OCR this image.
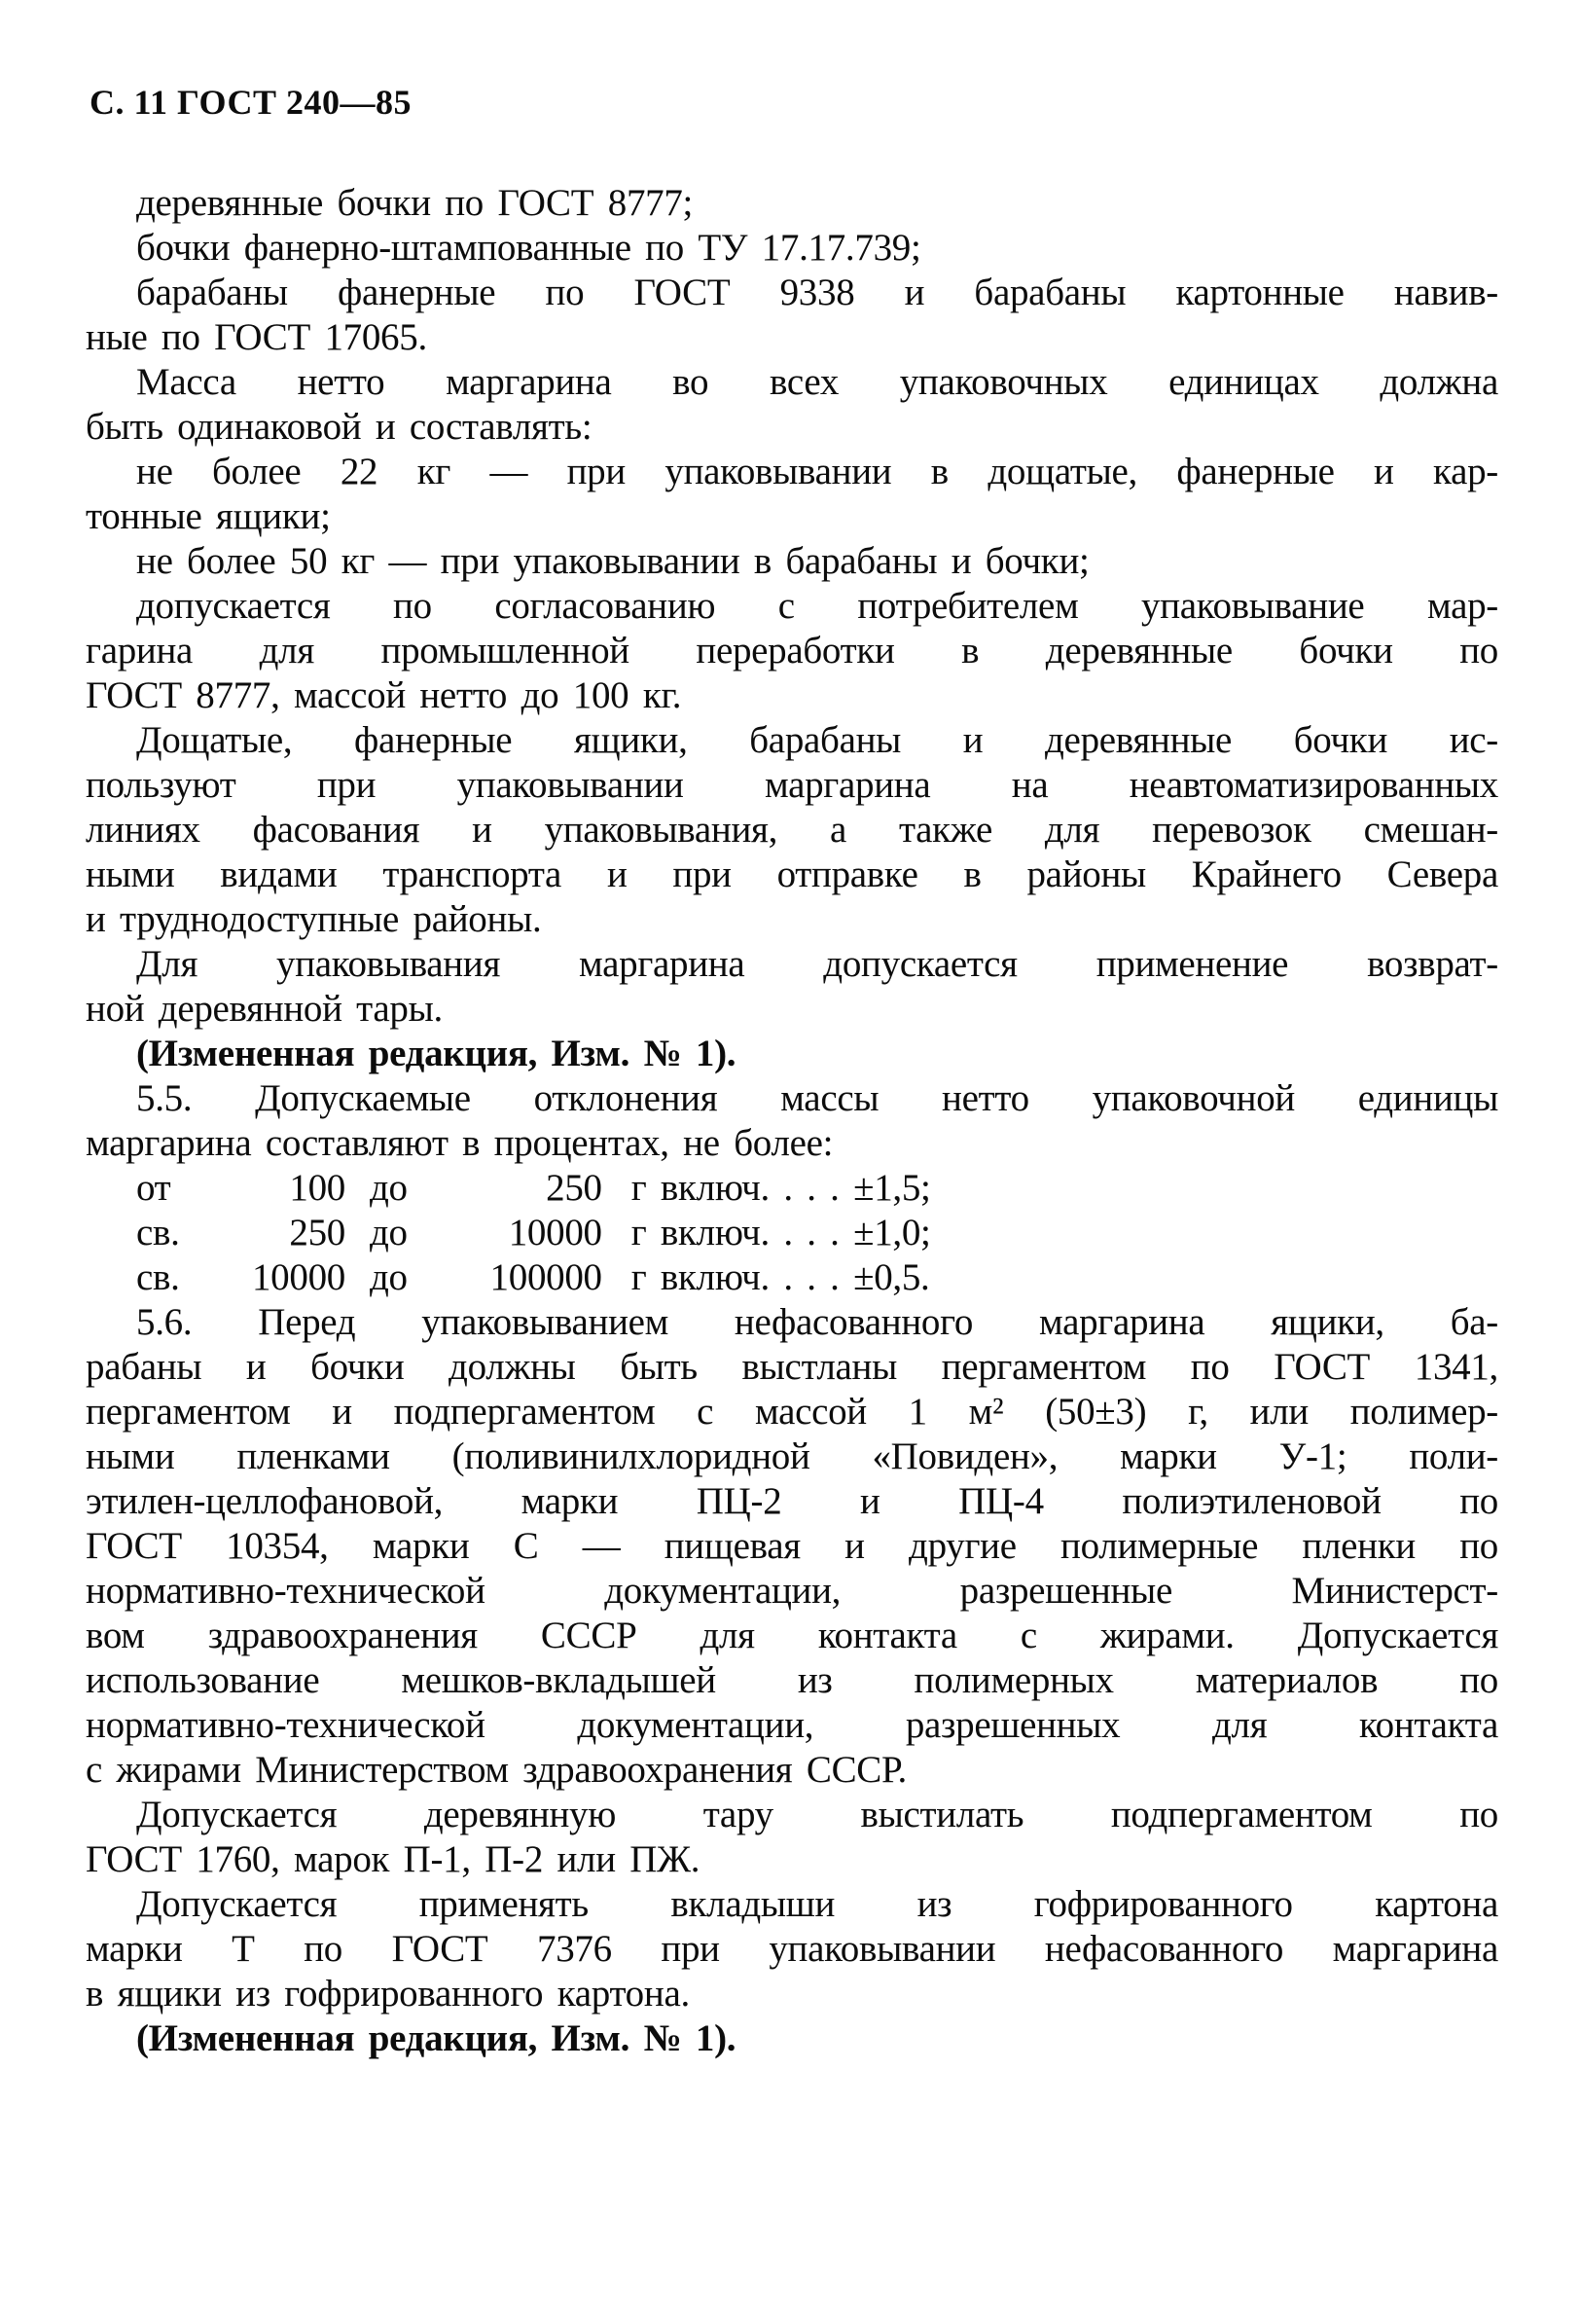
С. 11 ГОСТ 240—85
деревянные бочки по ГОСТ 8777;
бочки фанерно-штампованные по ТУ 17.17.739;
барабаны фанерные по ГОСТ 9338 и барабаны картонные навив-
ные по ГОСТ 17065.
Масса нетто маргарина во всех упаковочных единицах должна
быть одинаковой и составлять:
не более 22 кг — при упаковывании в дощатые, фанерные и кар-
тонные ящики;
не более 50 кг — при упаковывании в барабаны и бочки;
допускается по согласованию с потребителем упаковывание мар-
гарина для промышленной переработки в деревянные бочки по
ГОСТ 8777, массой нетто до 100 кг.
Дощатые, фанерные ящики, барабаны и деревянные бочки ис-
пользуют при упаковывании маргарина на неавтоматизированных
линиях фасования и упаковывания, а также для перевозок смешан-
ными видами транспорта и при отправке в районы Крайнего Севера
и труднодоступные районы.
Для упаковывания маргарина допускается применение возврат-
ной деревянной тары.
(Измененная редакция, Изм. № 1).
5.5. Допускаемые отклонения массы нетто упаковочной единицы
маргарина составляют в процентах, не более:
от	100 до	250 г включ. . . . ±1,5;
св.	250 до	10000 г включ. . . . ±1,0;
св.	10000 до	100000 г включ. . . . ±0,5.
5.6. Перед упаковыванием нефасованного маргарина ящики, ба-
рабаны и бочки должны быть выстланы пергаментом по ГОСТ 1341,
пергаментом и подпергаментом с массой 1 м² (50±3) г, или полимер-
ными пленками (поливинилхлоридной «Повиден», марки У-1; поли-
этилен-целлофановой, марки ПЦ-2 и ПЦ-4 полиэтиленовой по
ГОСТ 10354, марки С — пищевая и другие полимерные пленки по
нормативно-технической документации, разрешенные Министерст-
вом здравоохранения СССР для контакта с жирами. Допускается
использование мешков-вкладышей из полимерных материалов по
нормативно-технической документации, разрешенных для контакта
с жирами Министерством здравоохранения СССР.
Допускается деревянную тару выстилать подпергаментом по
ГОСТ 1760, марок П-1, П-2 или ПЖ.
Допускается применять вкладыши из гофрированного картона
марки Т по ГОСТ 7376 при упаковывании нефасованного маргарина
в ящики из гофрированного картона.
(Измененная редакция, Изм. № 1).
